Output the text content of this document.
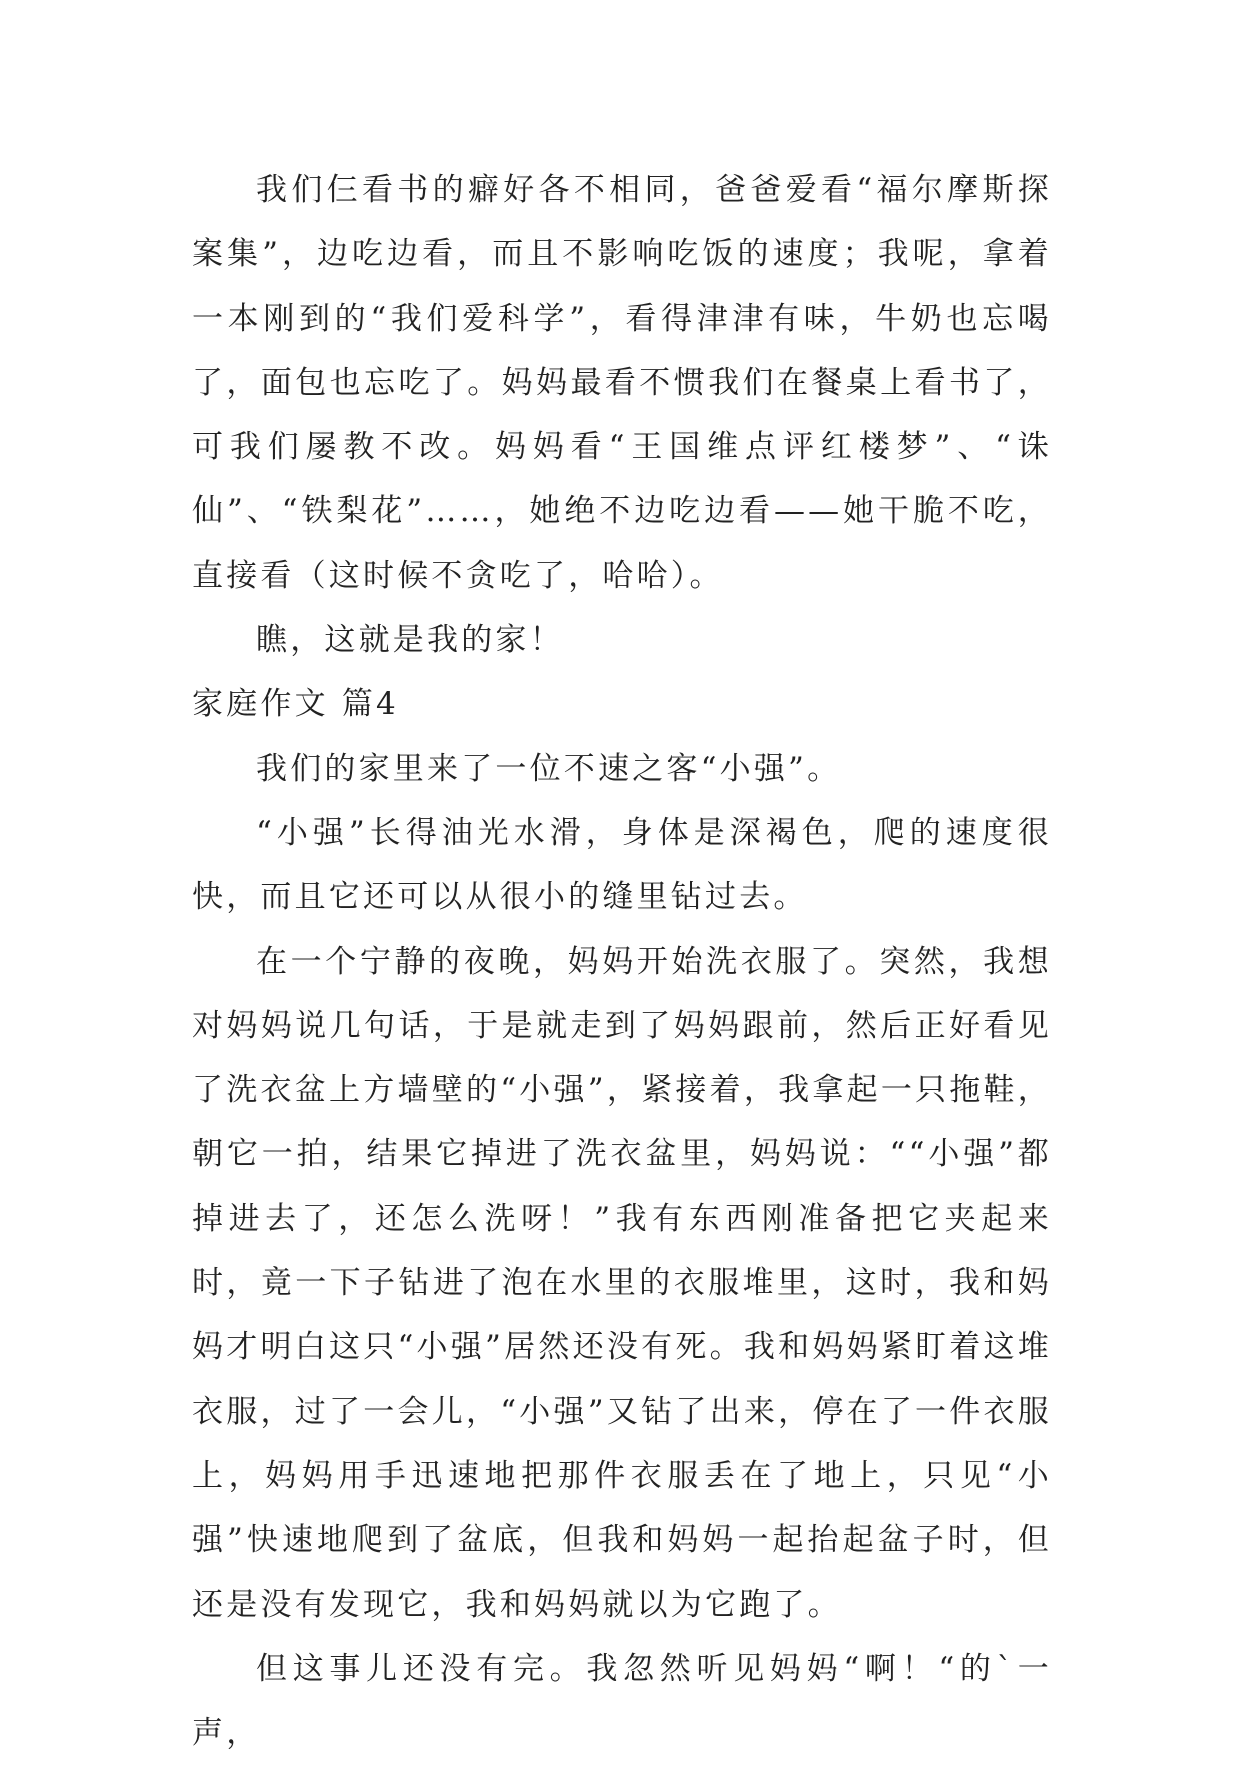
我们仨看书的癖好各不相同，爸爸爱看“福尔摩斯探案集”，边吃边看，而且不影响吃饭的速度；我呢，拿着一本刚到的“我们爱科学”，看得津津有味，牛奶也忘喝了，面包也忘吃了。妈妈最看不惯我们在餐桌上看书了，可我们屡教不改。妈妈看“王国维点评红楼梦”、“诛仙”、“铁梨花”……，她绝不边吃边看——她干脆不吃，直接看（这时候不贪吃了，哈哈）。

瞧，这就是我的家！

家庭作文 篇4

我们的家里来了一位不速之客“小强”。

“小强”长得油光水滑，身体是深褐色，爬的速度很快，而且它还可以从很小的缝里钻过去。

在一个宁静的夜晚，妈妈开始洗衣服了。突然，我想对妈妈说几句话，于是就走到了妈妈跟前，然后正好看见了洗衣盆上方墙壁的“小强”，紧接着，我拿起一只拖鞋，朝它一拍，结果它掉进了洗衣盆里，妈妈说：““小强”都掉进去了，还怎么洗呀！”我有东西刚准备把它夹起来时，竟一下子钻进了泡在水里的衣服堆里，这时，我和妈妈才明白这只“小强”居然还没有死。我和妈妈紧盯着这堆衣服，过了一会儿，“小强”又钻了出来，停在了一件衣服上，妈妈用手迅速地把那件衣服丢在了地上，只见“小强”快速地爬到了盆底，但我和妈妈一起抬起盆子时，但还是没有发现它，我和妈妈就以为它跑了。

但这事儿还没有完。我忽然听见妈妈“啊！“的`一声，
